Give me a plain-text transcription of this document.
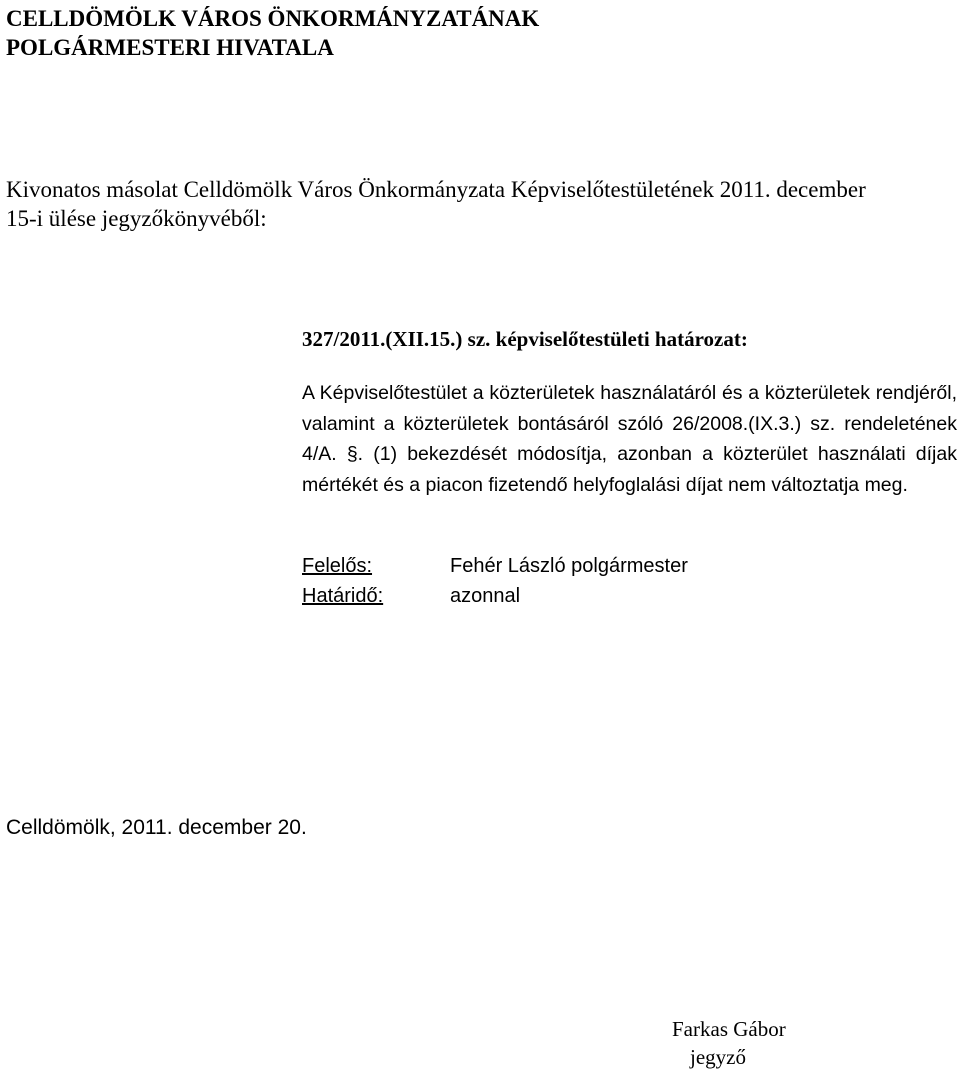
CELLDÖMÖLK VÁROS ÖNKORMÁNYZATÁNAK
POLGÁRMESTERI HIVATALA
Kivonatos másolat Celldömölk Város Önkormányzata Képviselőtestületének 2011. december
15-i ülése jegyzőkönyvéből:
327/2011.(XII.15.) sz. képviselőtestületi határozat:
A Képviselőtestület a közterületek használatáról és a közterületek rendjéről, valamint a közterületek bontásáról szóló 26/2008.(IX.3.) sz. rendeletének 4/A. §. (1) bekezdését módosítja, azonban a közterület használati díjak mértékét és a piacon fizetendő helyfoglalási díjat nem változtatja meg.
Felelős:	Fehér László polgármester
Határidő:	azonnal
Celldömölk, 2011. december 20.
Farkas Gábor
jegyző
